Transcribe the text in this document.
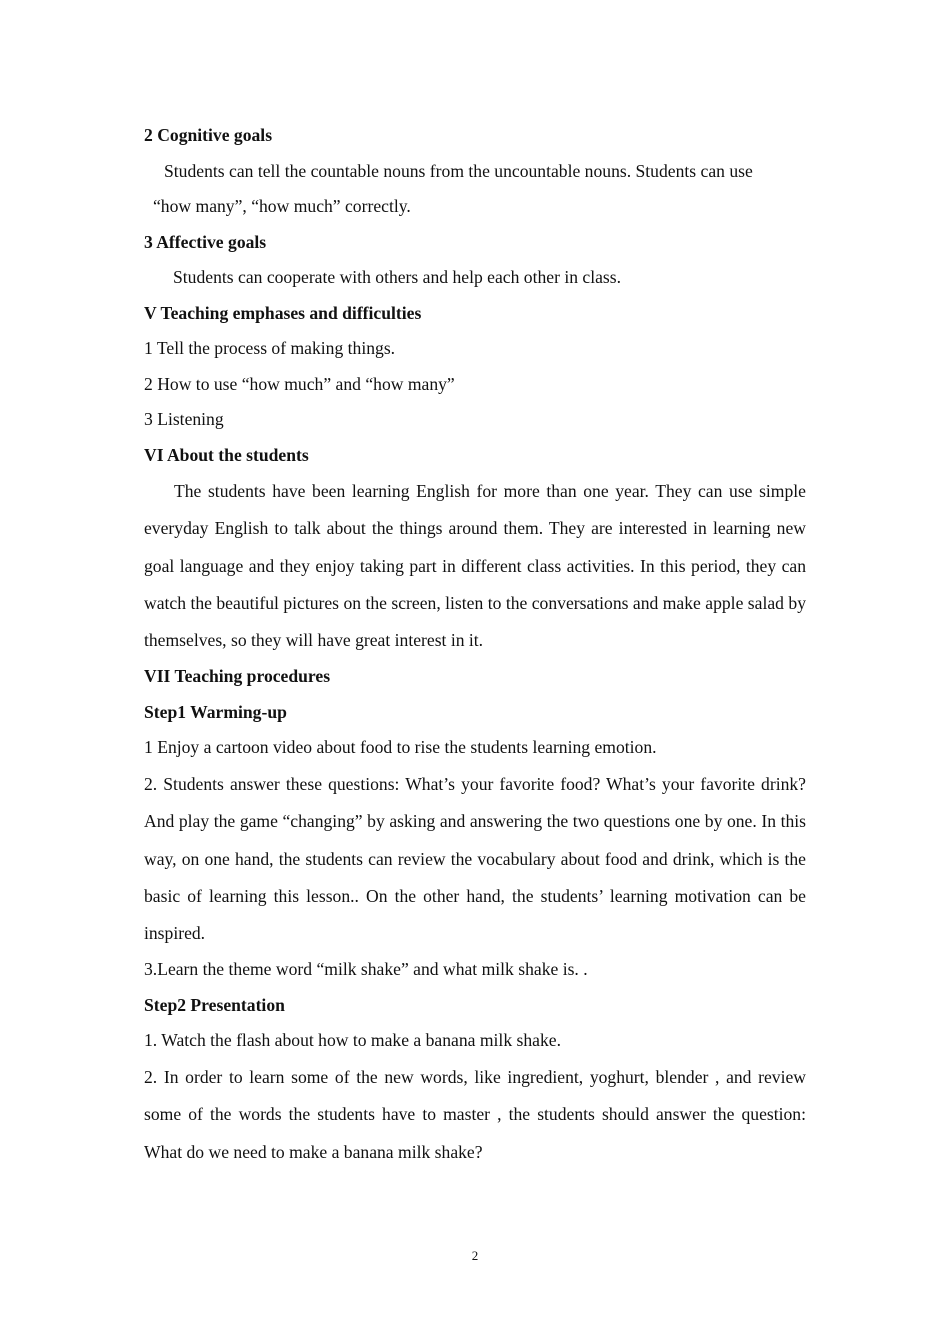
2 Cognitive goals
Students can tell the countable nouns from the uncountable nouns. Students can use
“how many”, “how much” correctly.
3 Affective goals
Students can cooperate with others and help each other in class.
V Teaching emphases and difficulties
1 Tell the process of making things.
2 How to use “how much” and “how many”
3 Listening
VI About the students

The students have been learning English for more than one year. They can use simple everyday English to talk about the things around them. They are interested in learning new goal language and they enjoy taking part in different class activities. In this period, they can watch the beautiful pictures on the screen, listen to the conversations and make apple salad by themselves, so they will have great interest in it.

VII Teaching procedures
Step1 Warming-up
1 Enjoy a cartoon video about food to rise the students learning emotion.

2. Students answer these questions: What’s your favorite food? What’s your favorite drink? And play the game “changing” by asking and answering the two questions one by one. In this way, on one hand, the students can review the vocabulary about food and drink, which is the basic of learning this lesson.. On the other hand, the students’ learning motivation can be inspired.

3.Learn the theme word “milk shake” and what milk shake is. .
Step2 Presentation
1. Watch the flash about how to make a banana milk shake.

2. In order to learn some of the new words, like ingredient, yoghurt, blender , and review some of the words the students have to master , the students should answer the question: What do we need to make a banana milk shake?

2
